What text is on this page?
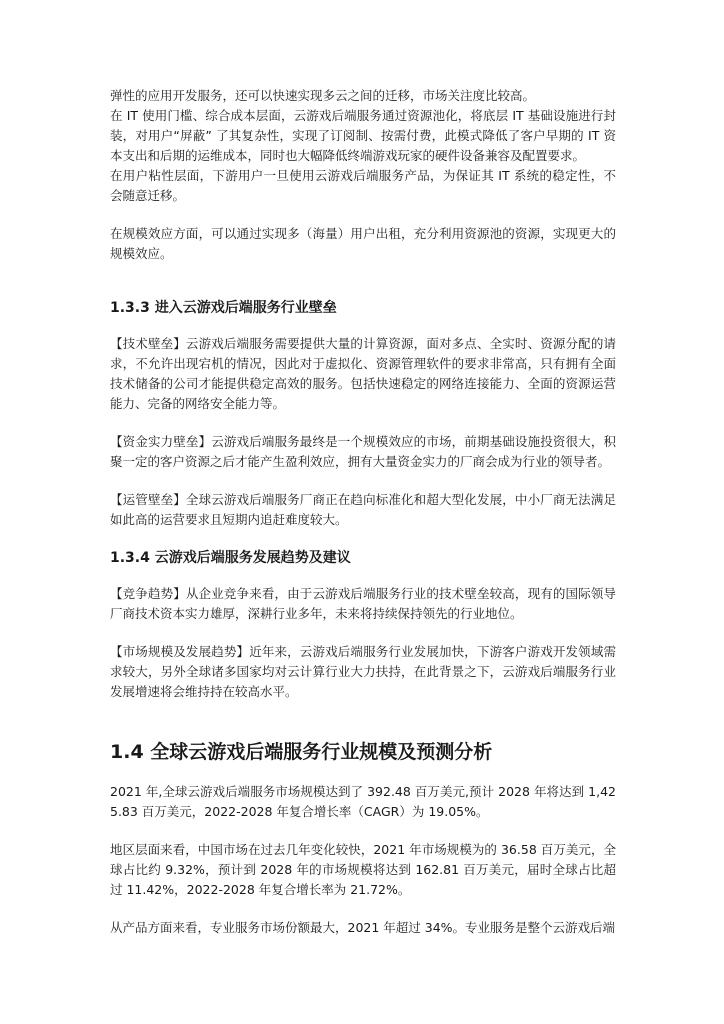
弹性的应用开发服务，还可以快速实现多云之间的迁移，市场关注度比较高。

在 IT 使用门槛、综合成本层面，云游戏后端服务通过资源池化，将底层 IT 基础设施进行封装，对用户“屏蔽” 了其复杂性，实现了订阅制、按需付费，此模式降低了客户早期的 IT 资本支出和后期的运维成本，同时也大幅降低终端游戏玩家的硬件设备兼容及配置要求。

在用户粘性层面，下游用户一旦使用云游戏后端服务产品，为保证其 IT 系统的稳定性，不会随意迁移。

在规模效应方面，可以通过实现多（海量）用户出租，充分利用资源池的资源，实现更大的规模效应。

1.3.3 进入云游戏后端服务行业壁垒

【技术壁垒】云游戏后端服务需要提供大量的计算资源，面对多点、全实时、资源分配的请求，不允许出现宕机的情况，因此对于虚拟化、资源管理软件的要求非常高，只有拥有全面技术储备的公司才能提供稳定高效的服务。包括快速稳定的网络连接能力、全面的资源运营能力、完备的网络安全能力等。

【资金实力壁垒】云游戏后端服务最终是一个规模效应的市场，前期基础设施投资很大，积聚一定的客户资源之后才能产生盈利效应，拥有大量资金实力的厂商会成为行业的领导者。

【运管壁垒】全球云游戏后端服务厂商正在趋向标准化和超大型化发展，中小厂商无法满足如此高的运营要求且短期内追赶难度较大。

1.3.4 云游戏后端服务发展趋势及建议

【竞争趋势】从企业竞争来看，由于云游戏后端服务行业的技术壁垒较高，现有的国际领导厂商技术资本实力雄厚，深耕行业多年，未来将持续保持领先的行业地位。

【市场规模及发展趋势】近年来，云游戏后端服务行业发展加快，下游客户游戏开发领域需求较大，另外全球诸多国家均对云计算行业大力扶持，在此背景之下，云游戏后端服务行业发展增速将会维持持在较高水平。

1.4 全球云游戏后端服务行业规模及预测分析

2021 年,全球云游戏后端服务市场规模达到了 392.48 百万美元,预计 2028 年将达到 1,425.83 百万美元，2022-2028 年复合增长率（CAGR）为 19.05%。

地区层面来看，中国市场在过去几年变化较快，2021 年市场规模为的 36.58 百万美元，全球占比约 9.32%，预计到 2028 年的市场规模将达到 162.81 百万美元，届时全球占比超过 11.42%，2022-2028 年复合增长率为 21.72%。

从产品方面来看，专业服务市场份额最大，2021 年超过 34%。专业服务是整个云游戏后端
